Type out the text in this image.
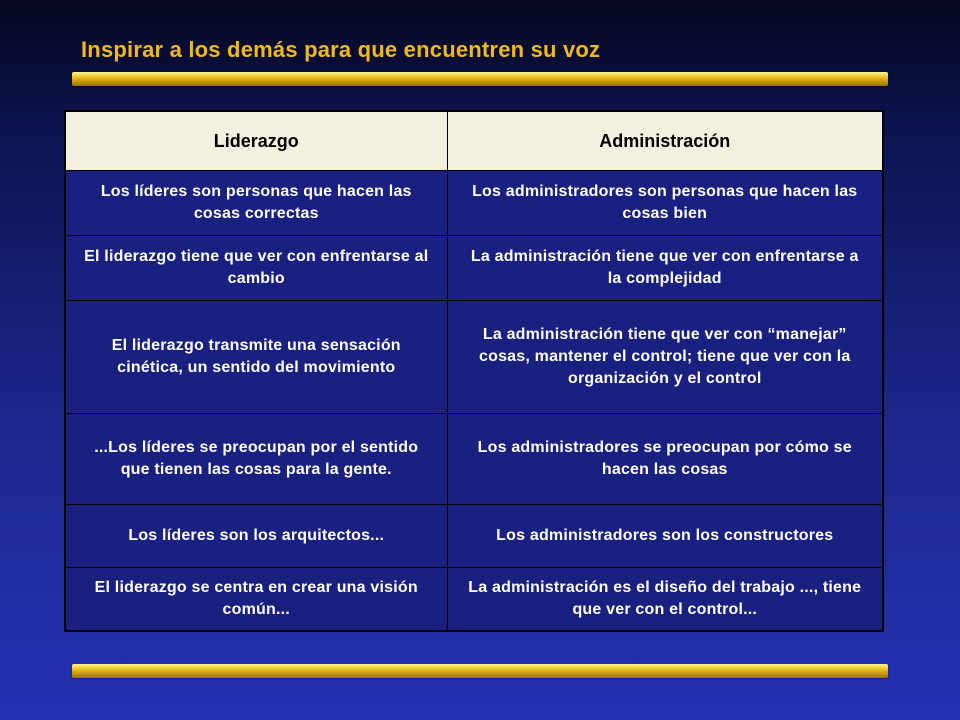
Inspirar a los demás para que encuentren su voz
Liderazgo	Administración
Los líderes son personas que hacen las cosas correctas	Los administradores son personas que hacen las cosas bien
El liderazgo tiene que ver con enfrentarse al cambio	La administración tiene que ver con enfrentarse a la complejidad
El liderazgo transmite una sensación cinética, un sentido del movimiento	La administración tiene que ver con “manejar” cosas, mantener el control; tiene que ver con la organización y el control
...Los líderes se preocupan por el sentido que tienen las cosas para la gente.	Los administradores se preocupan por cómo se hacen las cosas
Los líderes son los arquitectos...	Los administradores son los constructores
El liderazgo se centra en crear una visión común...	La administración es el diseño del trabajo ..., tiene que ver con el control...
